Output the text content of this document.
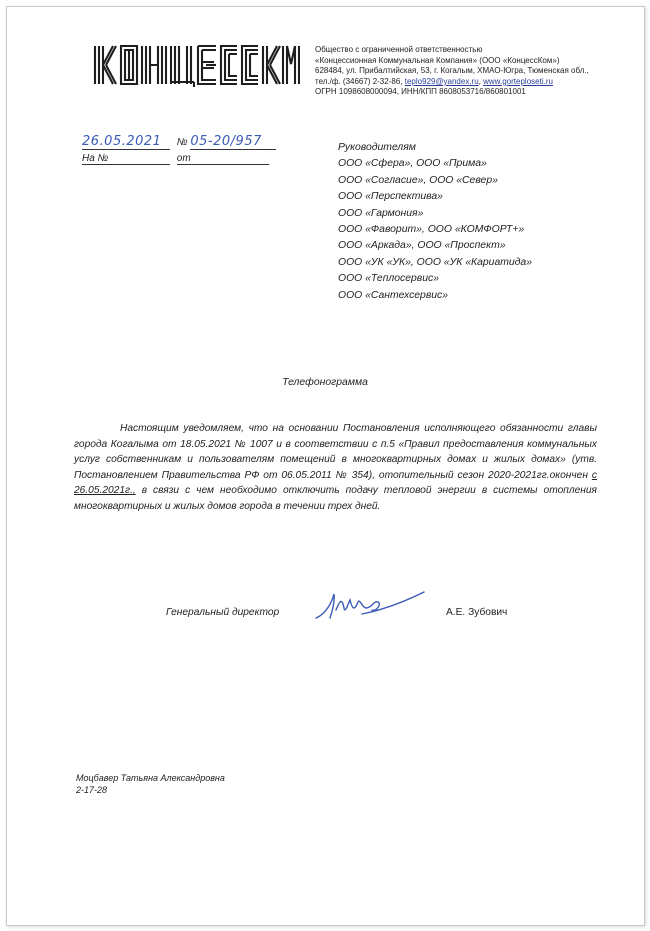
Общество с ограниченной ответственностью
«Концессионная Коммунальная Компания» (ООО «КонцессКом»)
628484, ул. Прибалтийская, 53, г. Когалым, ХМАО-Югра, Тюменская обл.,
тел./ф. (34667) 2-32-86, teplo929@yandex.ru, www.gorteploseti.ru
ОГРН 1098608000094, ИНН/КПП 8608053716/860801001
26.05.2021 № 05-20/957
На №	от
Руководителям
ООО «Сфера», ООО «Прима»
ООО «Согласие», ООО «Север»
ООО «Перспектива»
ООО «Гармония»
ООО «Фаворит», ООО «КОМФОРТ+»
ООО «Аркада», ООО «Проспект»
ООО «УК «УК», ООО «УК «Кариатида»
ООО «Теплосервис»
ООО «Сантехсервис»
Телефонограмма

Настоящим уведомляем, что на основании Постановления исполняющего обязанности главы города Когалыма от 18.05.2021 № 1007 и в соответствии с п.5 «Правил предоставления коммунальных услуг собственникам и пользователям помещений в многоквартирных домах и жилых домах» (утв. Постановлением Правительства РФ от 06.05.2011 № 354), отопительный сезон 2020-2021гг.окончен с 26.05.2021г., в связи с чем необходимо отключить подачу тепловой энергии в системы отопления многоквартирных и жилых домов города в течении трех дней.

Генеральный директор	А.Е. Зубович
Моцбавер Татьяна Александровна
2-17-28
